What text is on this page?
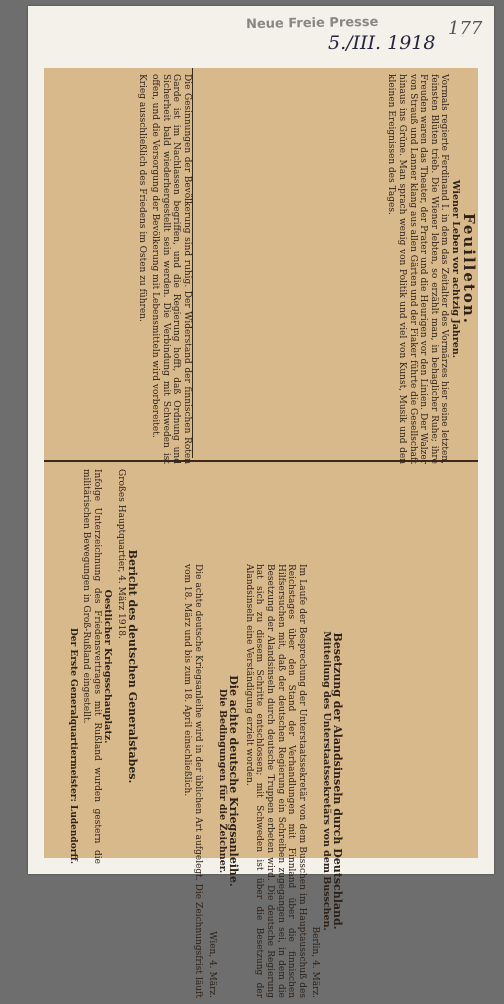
Neue Freie Presse
5./III. 1918
177
Besetzung der Alandsinseln durch Deutschland.
Mitteilung des Unterstaatssekretärs von dem Busschen.

Berlin, 4. März.

Im Laufe der Besprechung der Unterstaatssekretär von dem Busschen im Hauptausschuß des Reichstages über den Stand der Verhandlungen mit Finnland über die finnischen Hilfsersuchen mit, daß der deutschen Regierung ein Schreiben zugegangen sei, in dem die Besetzung der Alandsinseln durch deutsche Truppen erbeten wird. Die deutsche Regierung hat sich zu diesem Schritte entschlossen; mit Schweden ist über die Besetzung der Alandsinseln eine Verständigung erzielt worden.

Die achte deutsche Kriegsanleihe.
Die Bedingungen für die Zeichner.

Wien, 4. März.

Die achte deutsche Kriegsanleihe wird in der üblichen Art aufgelegt. Die Zeichnungsfrist läuft vom 18. März und bis zum 18. April einschließlich.

Bericht des deutschen Generalstabes.

Großes Hauptquartier, 4. März 1918.

Oestlicher Kriegsschauplatz.

Infolge Unterzeichnung des Friedensvertrages mit Rußland wurden gestern die militärischen Bewegungen in Groß-Rußland eingestellt.

Der Erste Generalquartiermeister: Ludendorff.

Feuilleton.
Wiener Leben vor achtzig Jahren.

Vormals regierte Ferdinand I. in dem das Zeitalter des Vormärzes hier seine letzten, feinsten Blüten trieb. Die Wiener lebten, so erzählt man, in behaglicher Ruhe; ihre Freuden waren das Theater, der Prater und die Heurigen vor den Linien. Der Walzer von Strauß und Lanner klang aus allen Gärten und der Fiaker führte die Gesellschaft hinaus ins Grüne. Man sprach wenig von Politik und viel von Kunst, Musik und den kleinen Ereignissen des Tages.

Die Gesinnungen der Bevölkerung sind ruhig. Der Widerstand der finnischen Roten Garde ist im Nachlassen begriffen, und die Regierung hofft, daß Ordnung und Sicherheit bald wiederhergestellt sein werden. Die Verbindung mit Schweden ist offen, und die Versorgung der Bevölkerung mit Lebensmitteln wird vorbereitet.

Krieg ausschließlich des Friedens im Osten zu führen.
